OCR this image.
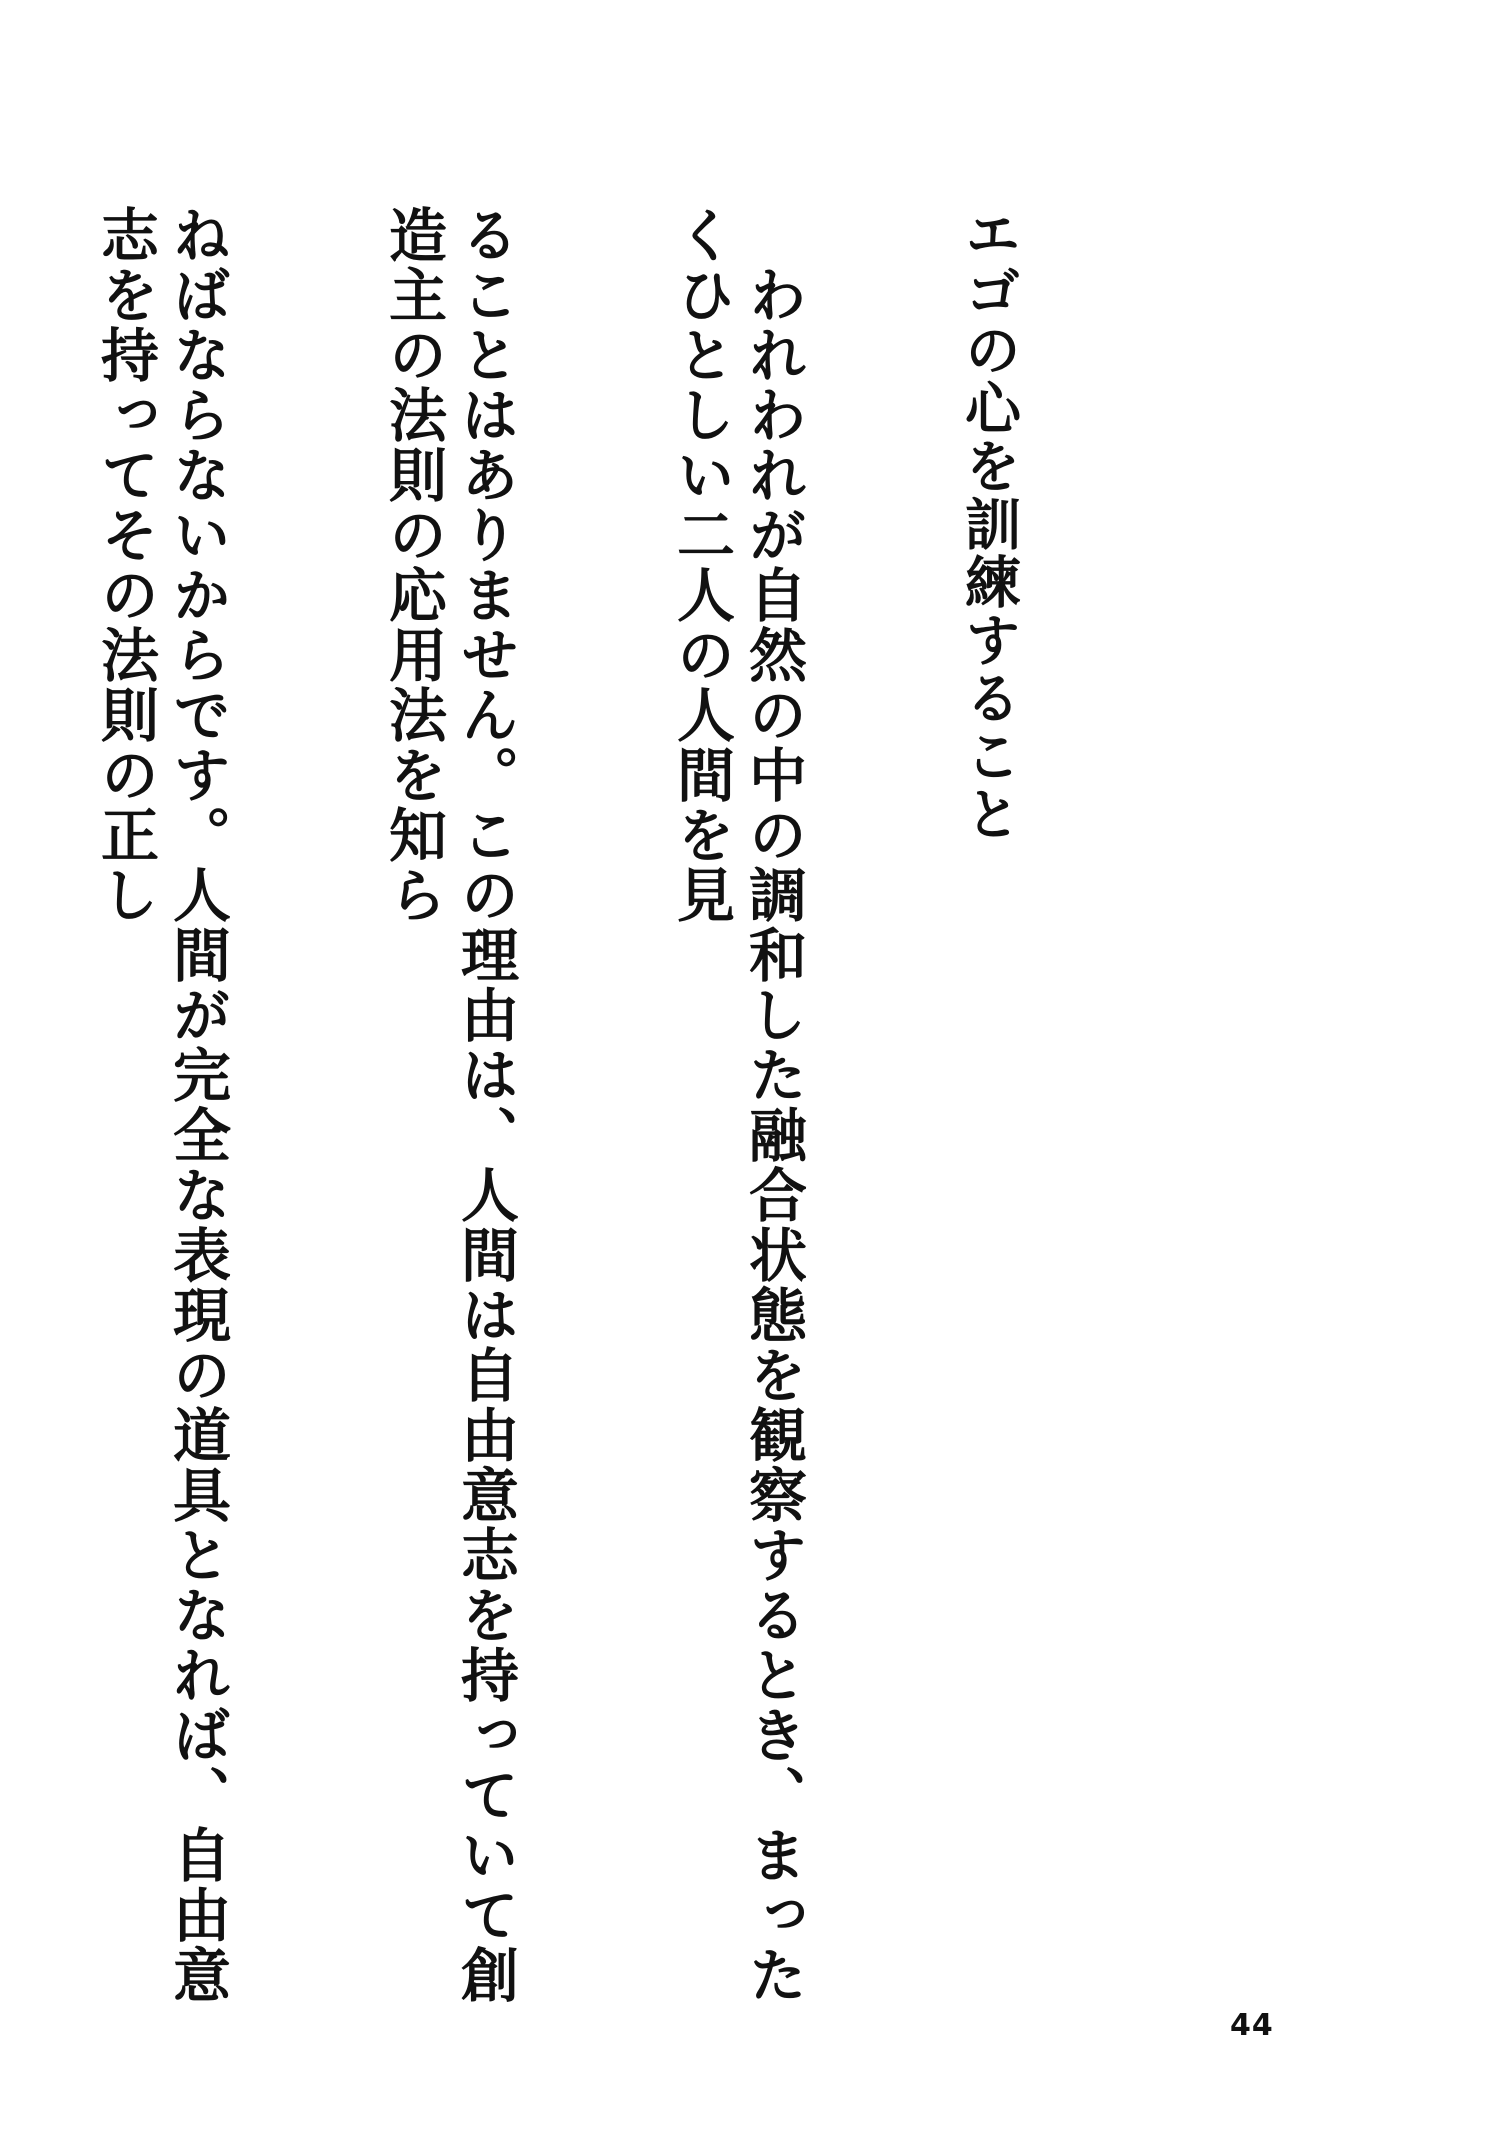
エゴの心を訓練すること

　われわれが自然の中の調和した融合状態を観察するとき、まったくひとしい二人の人間を見

ることはありません。この理由は、人間は自由意志を持っていて創造主の法則の応用法を知ら

ねばならないからです。人間が完全な表現の道具となれば、自由意志を持ってその法則の正し

44
